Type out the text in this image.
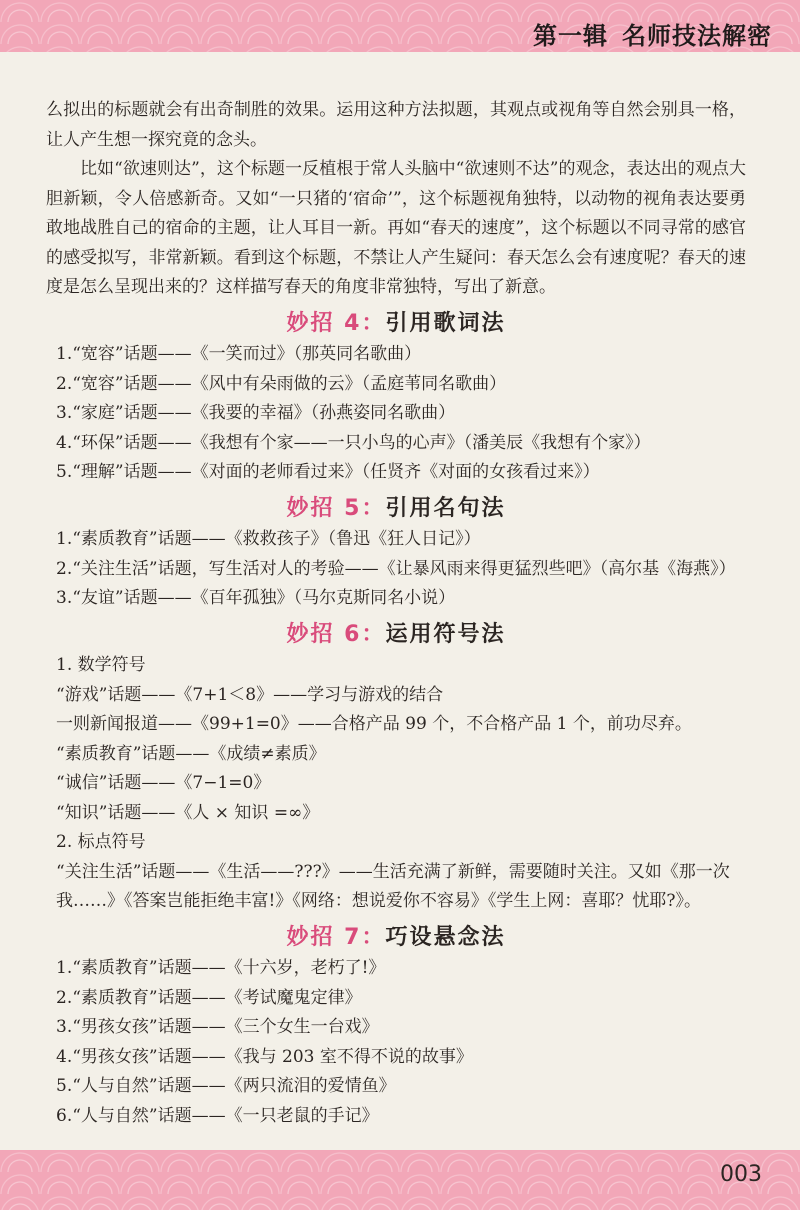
第一辑 名师技法解密

么拟出的标题就会有出奇制胜的效果。运用这种方法拟题，其观点或视角等自然会别具一格，让人产生想一探究竟的念头。

比如“欲速则达”，这个标题一反植根于常人头脑中“欲速则不达”的观念，表达出的观点大胆新颖，令人倍感新奇。又如“一只猪的‘宿命’”，这个标题视角独特，以动物的视角表达要勇敢地战胜自己的宿命的主题，让人耳目一新。再如“春天的速度”，这个标题以不同寻常的感官的感受拟写，非常新颖。看到这个标题，不禁让人产生疑问：春天怎么会有速度呢？春天的速度是怎么呈现出来的？这样描写春天的角度非常独特，写出了新意。

妙招 4：引用歌词法

1.“宽容”话题——《一笑而过》（那英同名歌曲）

2.“宽容”话题——《风中有朵雨做的云》（孟庭苇同名歌曲）

3.“家庭”话题——《我要的幸福》（孙燕姿同名歌曲）

4.“环保”话题——《我想有个家——一只小鸟的心声》（潘美辰《我想有个家》）

5.“理解”话题——《对面的老师看过来》（任贤齐《对面的女孩看过来》）

妙招 5：引用名句法

1.“素质教育”话题——《救救孩子》（鲁迅《狂人日记》）

2.“关注生活”话题，写生活对人的考验——《让暴风雨来得更猛烈些吧》（高尔基《海燕》）

3.“友谊”话题——《百年孤独》（马尔克斯同名小说）

妙招 6：运用符号法

1. 数学符号

“游戏”话题——《7+1＜8》——学习与游戏的结合

一则新闻报道——《99+1=0》——合格产品 99 个，不合格产品 1 个，前功尽弃。

“素质教育”话题——《成绩≠素质》

“诚信”话题——《7−1=0》

“知识”话题——《人 × 知识 =∞》

2. 标点符号

“关注生活”话题——《生活——???》——生活充满了新鲜，需要随时关注。又如《那一次我……》《答案岂能拒绝丰富!》《网络：想说爱你不容易》《学生上网：喜耶？忧耶?》。

妙招 7：巧设悬念法

1.“素质教育”话题——《十六岁，老朽了!》

2.“素质教育”话题——《考试魔鬼定律》

3.“男孩女孩”话题——《三个女生一台戏》

4.“男孩女孩”话题——《我与 203 室不得不说的故事》

5.“人与自然”话题——《两只流泪的爱情鱼》

6.“人与自然”话题——《一只老鼠的手记》

003
